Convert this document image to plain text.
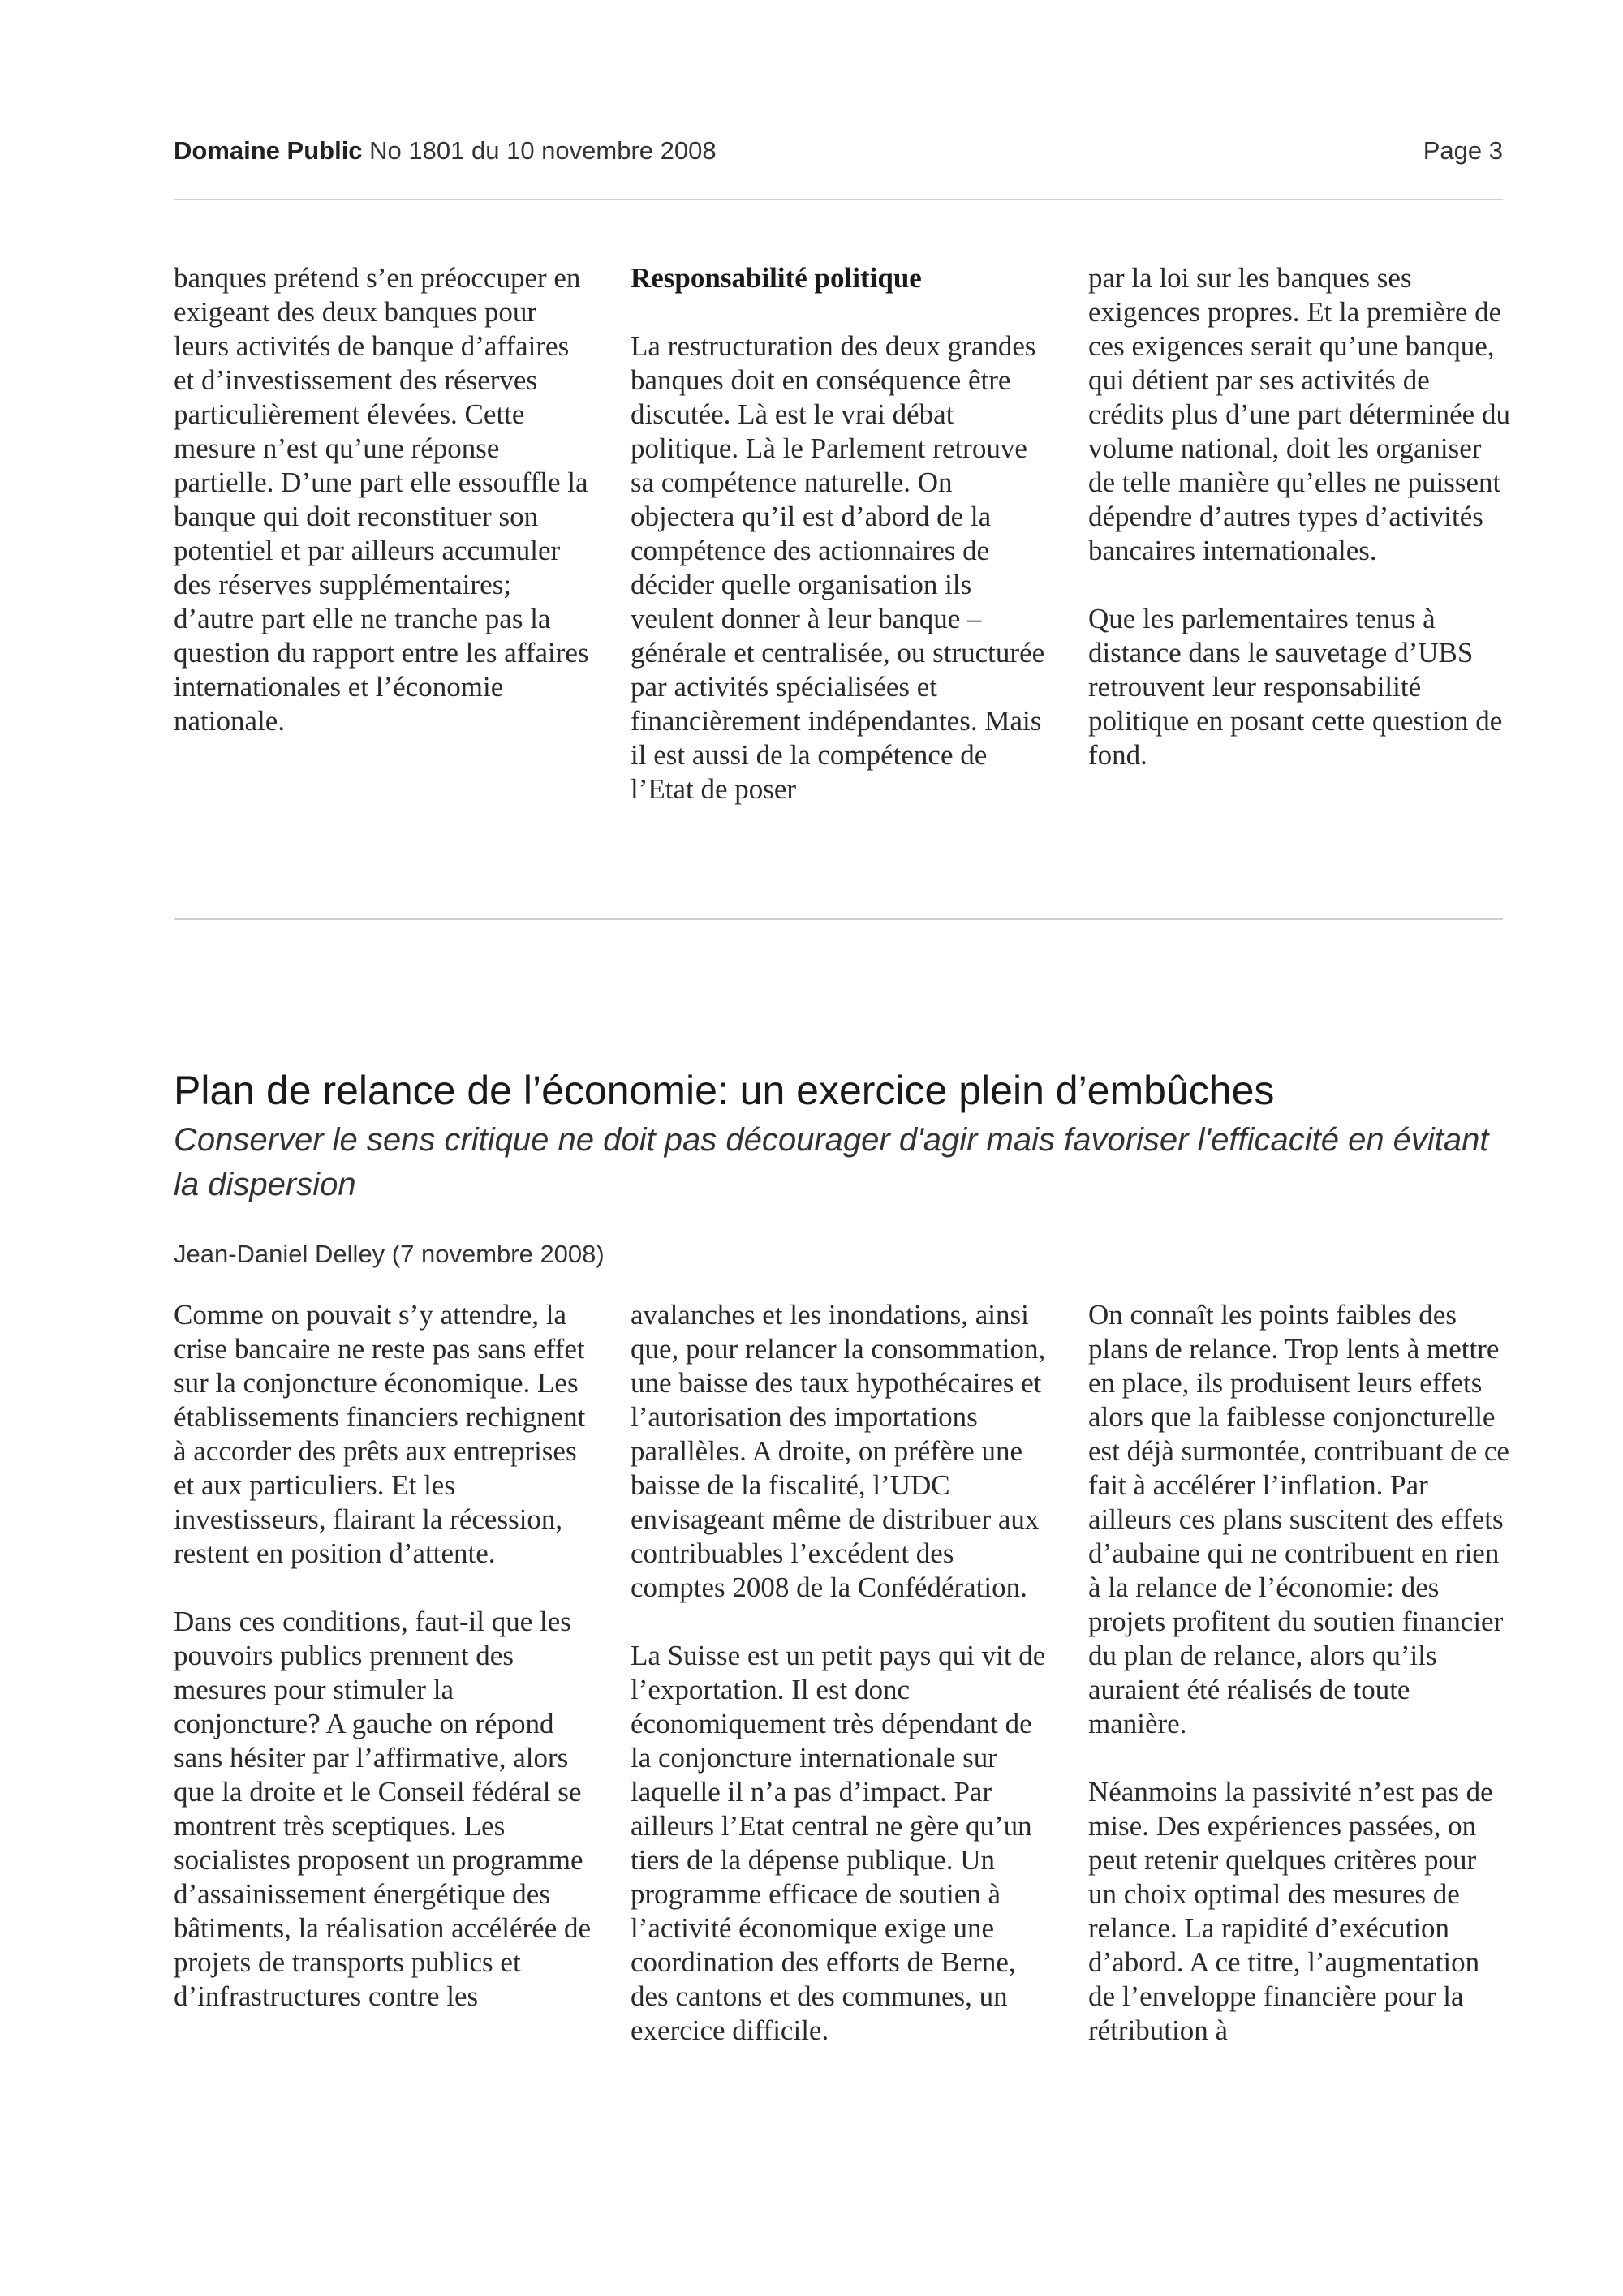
Domaine Public No 1801 du 10 novembre 2008	Page 3

banques prétend s’en préoccuper en exigeant des deux banques pour leurs activités de banque d’affaires et d’investissement des réserves particulièrement élevées. Cette mesure n’est qu’une réponse partielle. D’une part elle essouffle la banque qui doit reconstituer son potentiel et par ailleurs accumuler des réserves supplémentaires; d’autre part elle ne tranche pas la question du rapport entre les affaires internationales et l’économie nationale.

Responsabilité politique

La restructuration des deux grandes banques doit en conséquence être discutée. Là est le vrai débat politique. Là le Parlement retrouve sa compétence naturelle. On objectera qu’il est d’abord de la compétence des actionnaires de décider quelle organisation ils veulent donner à leur banque – générale et centralisée, ou structurée par activités spécialisées et financièrement indépendantes. Mais il est aussi de la compétence de l’Etat de poser

par la loi sur les banques ses exigences propres. Et la première de ces exigences serait qu’une banque, qui détient par ses activités de crédits plus d’une part déterminée du volume national, doit les organiser de telle manière qu’elles ne puissent dépendre d’autres types d’activités bancaires internationales.

Que les parlementaires tenus à distance dans le sauvetage d’UBS retrouvent leur responsabilité politique en posant cette question de fond.

Plan de relance de l’économie: un exercice plein d’embûches
Conserver le sens critique ne doit pas décourager d'agir mais favoriser l'efficacité en évitant la dispersion
Jean-Daniel Delley (7 novembre 2008)

Comme on pouvait s’y attendre, la crise bancaire ne reste pas sans effet sur la conjoncture économique. Les établissements financiers rechignent à accorder des prêts aux entreprises et aux particuliers. Et les investisseurs, flairant la récession, restent en position d’attente.

Dans ces conditions, faut-il que les pouvoirs publics prennent des mesures pour stimuler la conjoncture? A gauche on répond sans hésiter par l’affirmative, alors que la droite et le Conseil fédéral se montrent très sceptiques. Les socialistes proposent un programme d’assainissement énergétique des bâtiments, la réalisation accélérée de projets de transports publics et d’infrastructures contre les

avalanches et les inondations, ainsi que, pour relancer la consommation, une baisse des taux hypothécaires et l’autorisation des importations parallèles. A droite, on préfère une baisse de la fiscalité, l’UDC envisageant même de distribuer aux contribuables l’excédent des comptes 2008 de la Confédération.

La Suisse est un petit pays qui vit de l’exportation. Il est donc économiquement très dépendant de la conjoncture internationale sur laquelle il n’a pas d’impact. Par ailleurs l’Etat central ne gère qu’un tiers de la dépense publique. Un programme efficace de soutien à l’activité économique exige une coordination des efforts de Berne, des cantons et des communes, un exercice difficile.

On connaît les points faibles des plans de relance. Trop lents à mettre en place, ils produisent leurs effets alors que la faiblesse conjoncturelle est déjà surmontée, contribuant de ce fait à accélérer l’inflation. Par ailleurs ces plans suscitent des effets d’aubaine qui ne contribuent en rien à la relance de l’économie: des projets profitent du soutien financier du plan de relance, alors qu’ils auraient été réalisés de toute manière.

Néanmoins la passivité n’est pas de mise. Des expériences passées, on peut retenir quelques critères pour un choix optimal des mesures de relance. La rapidité d’exécution d’abord. A ce titre, l’augmentation de l’enveloppe financière pour la rétribution à
